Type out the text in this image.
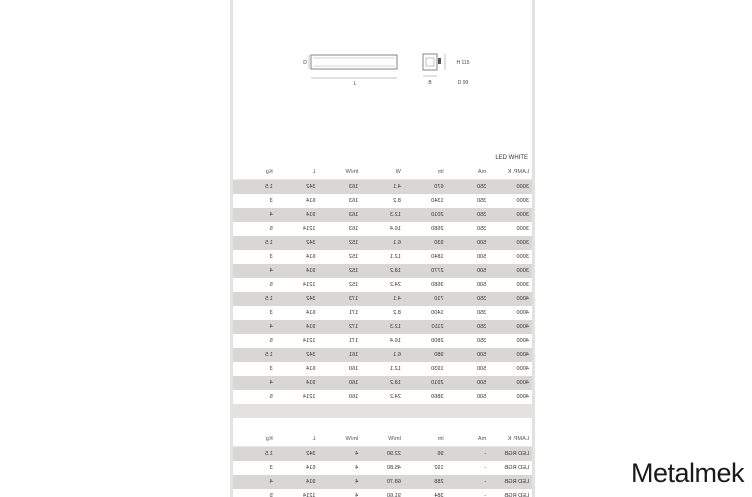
D
L
H 115
B	D 99
LED WHITE
LAMP. K	mA	lm	W	lm/W	L	Kg
3000	350	670	4.1	163	342	1.5
3000	350	1340	8.2	163	614	3
3000	350	2010	12.3	163	914	4
3000	350	2680	16.4	163	1214	5
3000	500	930	6.1	152	342	1.5
3000	500	1840	12.1	152	614	3
3000	500	2770	18.2	152	914	4
3000	500	3680	24.2	152	1214	5
4000	350	710	4.1	173	342	1.5
4000	350	1400	8.2	171	614	3
4000	350	2110	12.3	172	914	4
4000	350	2800	16.4	171	1214	5
4000	500	980	6.1	161	342	1.5
4000	500	1930	12.1	160	614	3
4000	500	2910	18.2	160	914	4
4000	500	3860	24.2	160	1214	5
LAMP. K	mA	lm	lm/W	lm/W	L	Kg
LED RGB	-	96	22.90	4	342	1.5
LED RGB	-	192	45.80	4	614	3
LED RGB	-	288	68.70	4	914	4
LED RGB	-	384	91.60	4	1214	5
Metalmek
